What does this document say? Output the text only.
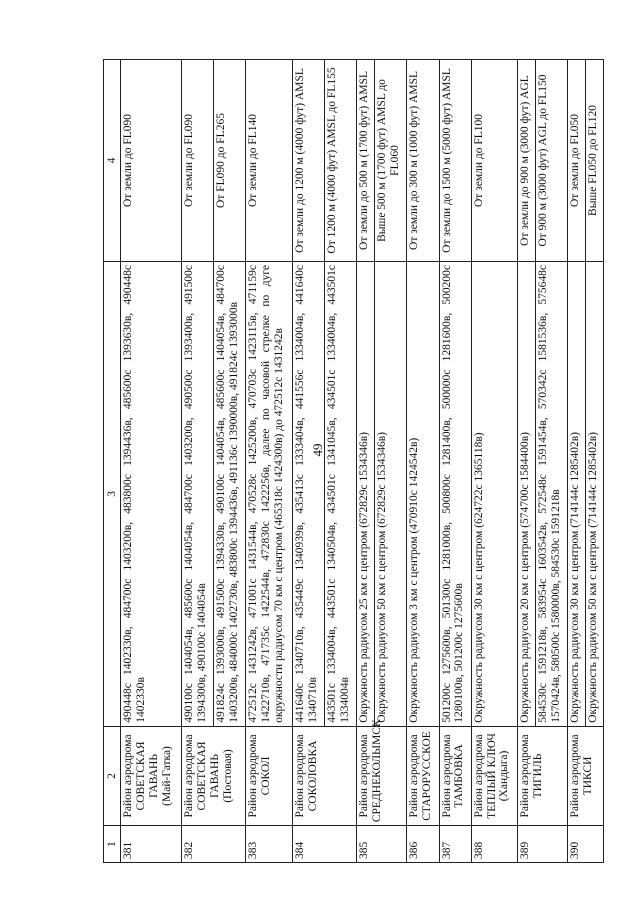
49
1	2	3	4
381	Район аэродрома СОВЕТСКАЯ ГАВАНЬ (Май-Гатка)	490448с 1402330в, 484700с 1403200в, 483800с 1394436в, 485600с 1393630в, 490448с 1402330в	От земли до FL090
382	Район аэродрома СОВЕТСКАЯ ГАВАНЬ (Постовая)	490100с 1404054в, 485600с 1404054в, 484700с 1403200в, 490500с 1393400в, 491500с 1394300в, 490100с 1404054в	От земли до FL090
		491824с 1393000в, 491500с 1394330в, 490100с 1404054в, 485600с 1404054в, 484700с 1403200в, 484000с 1402730в, 483800с 1394436в, 491136с 1390000в, 491824с 1393000в	От FL090 до FL265
383	Район аэродрома СОКОЛ	472512с 1431242в, 471001с 1431544в, 470528с 1425200в, 470703с 1423115в, 471159с 1422710в, 471735с 1422544в, 472830с 1422256в, далее по часовой стрелке по дуге окружности радиусом 70 км с центром (465318с 1424300в) до 472512с 1431242в	От земли до FL140
384	Район аэродрома СОКОЛОВКА	441640с 1340710в, 435449с 1340939в, 435413с 1333404в, 441556с 1334004в, 441640с 1340710в	От земли до 1200 м (4000 фут) AMSL
		443501с 1334004в, 443501с 1340504в, 434501с 1341045в, 434501с 1334004в, 443501с 1334004в	От 1200 м (4000 фут) AMSL до FL155
385	Район аэродрома СРЕДНЕКОЛЫМСК	Окружность радиусом 25 км с центром (672829с 1534346в)	От земли до 500 м (1700 фут) AMSL
		Окружность радиусом 50 км с центром (672829с 1534346в)	Выше 500 м (1700 фут) AMSL до FL060
386	Район аэродрома СТАРОРУССКОЕ	Окружность радиусом 3 км с центром (470910с 1424542в)	От земли до 300 м (1000 фут) AMSL
387	Район аэродрома ТАМБОВКА	501200с 1275600в, 501300с 1281000в, 500800с 1281400в, 500000с 1281600в, 500200с 1280100в, 501200с 1275600в	От земли до 1500 м (5000 фут) AMSL
388	Район аэродрома ТЕПЛЫЙ КЛЮЧ (Хандыга)	Окружность радиусом 30 км с центром (624722с 1365118в)	От земли до FL100
389	Район аэродрома ТИГИЛЬ	Окружность радиусом 20 км с центром (574700с 1584400в)	От земли до 900 м (3000 фут) AGL
		584530с 1591218в, 583954с 1603542в, 572548с 1591454в, 570342с 1581536в, 575648с 1570424в, 580500с 1580000в, 584530с 1591218в	От 900 м (3000 фут) AGL до FL150
390	Район аэродрома ТИКСИ	Окружность радиусом 30 км с центром (714144с 1285402в)	От земли до FL050
		Окружность радиусом 50 км с центром (714144с 1285402в)	Выше FL050 до FL120
